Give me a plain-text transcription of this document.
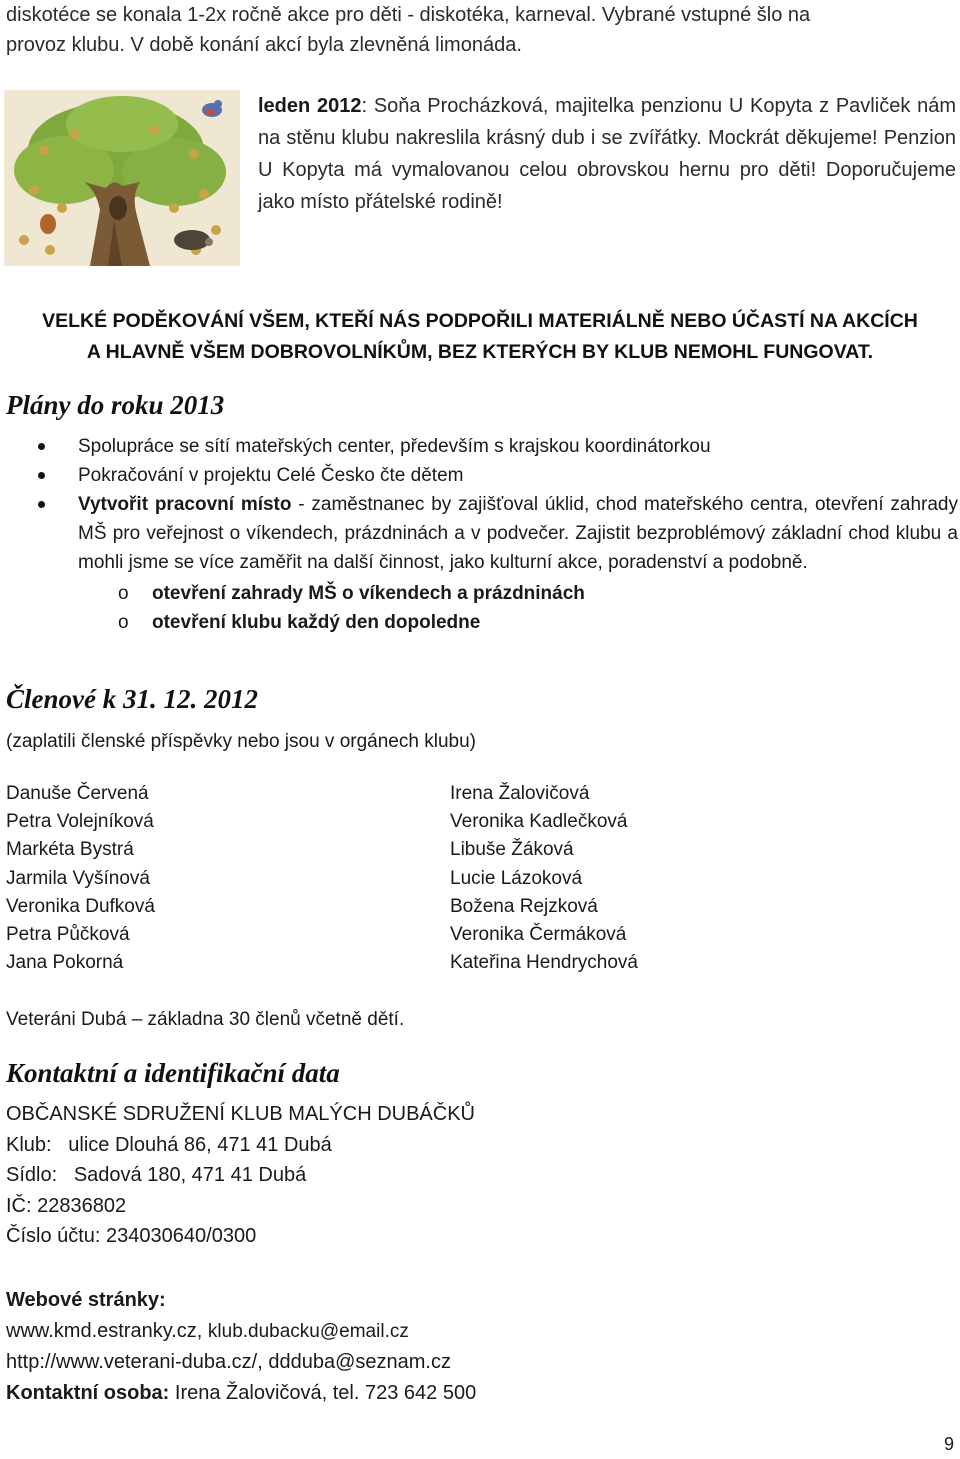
diskotéce se konala 1-2x ročně akce pro děti - diskotéka, karneval. Vybrané vstupné šlo na
provoz klubu. V době konání akcí byla zlevněná limonáda.
leden 2012: Soňa Procházková, majitelka penzionu U Kopyta z Pavliček nám na stěnu klubu nakreslila krásný dub i se zvířátky. Mockrát děkujeme! Penzion U Kopyta má vymalovanou celou obrovskou hernu pro děti! Doporučujeme jako místo přátelské rodině!
VELKÉ PODĚKOVÁNÍ VŠEM, KTEŘÍ NÁS PODPOŘILI MATERIÁLNĚ NEBO ÚČASTÍ NA AKCÍCH
A HLAVNĚ VŠEM DOBROVOLNÍKŮM, BEZ KTERÝCH BY KLUB NEMOHL FUNGOVAT.
Plány do roku 2013
Spolupráce se sítí mateřských center, především s krajskou koordinátorkou
Pokračování v projektu Celé Česko čte dětem
Vytvořit pracovní místo - zaměstnanec by zajišťoval úklid, chod mateřského centra, otevření zahrady MŠ pro veřejnost o víkendech, prázdninách a v podvečer. Zajistit bezproblémový základní chod klubu a mohli jsme se více zaměřit na další činnost, jako kulturní akce, poradenství a podobně.
o otevření zahrady MŠ o víkendech a prázdninách
o otevření klubu každý den dopoledne
Členové k 31. 12. 2012
(zaplatili členské příspěvky nebo jsou v orgánech klubu)
Danuše Červená
Petra Volejníková
Markéta Bystrá
Jarmila Vyšínová
Veronika Dufková
Petra Půčková
Jana Pokorná
Irena Žalovičová
Veronika Kadlečková
Libuše Žáková
Lucie Lázoková
Božena Rejzková
Veronika Čermáková
Kateřina Hendrychová
Veteráni Dubá – základna 30 členů včetně dětí.
Kontaktní a identifikační data
OBČANSKÉ SDRUŽENÍ KLUB MALÝCH DUBÁČKŮ
Klub:   ulice Dlouhá 86, 471 41 Dubá
Sídlo:   Sadová 180, 471 41 Dubá
IČ: 22836802
Číslo účtu: 234030640/0300
Webové stránky:
www.kmd.estranky.cz, klub.dubacku@email.cz
http://www.veterani-duba.cz/, ddduba@seznam.cz
Kontaktní osoba: Irena Žalovičová, tel. 723 642 500
9
